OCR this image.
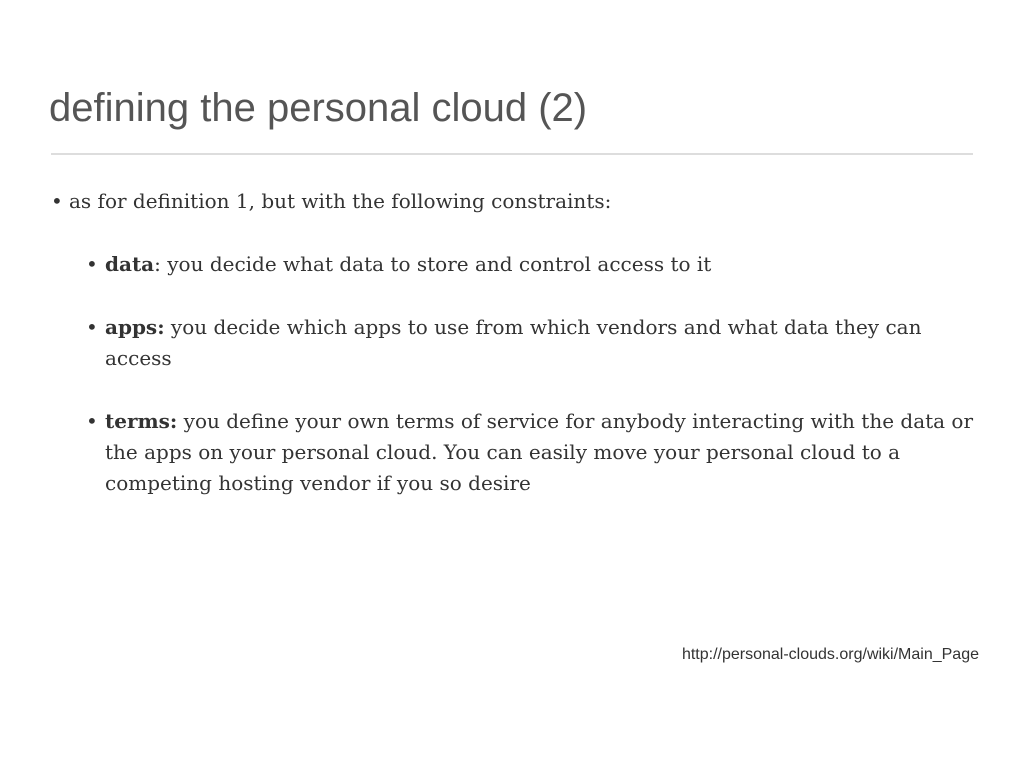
defining the personal cloud (2)
• as for definition 1, but with the following constraints:
• data: you decide what data to store and control access to it
• apps: you decide which apps to use from which vendors and what data they can access
• terms: you define your own terms of service for anybody interacting with the data or the apps on your personal cloud. You can easily move your personal cloud to a competing hosting vendor if you so desire
http://personal-clouds.org/wiki/Main_Page
